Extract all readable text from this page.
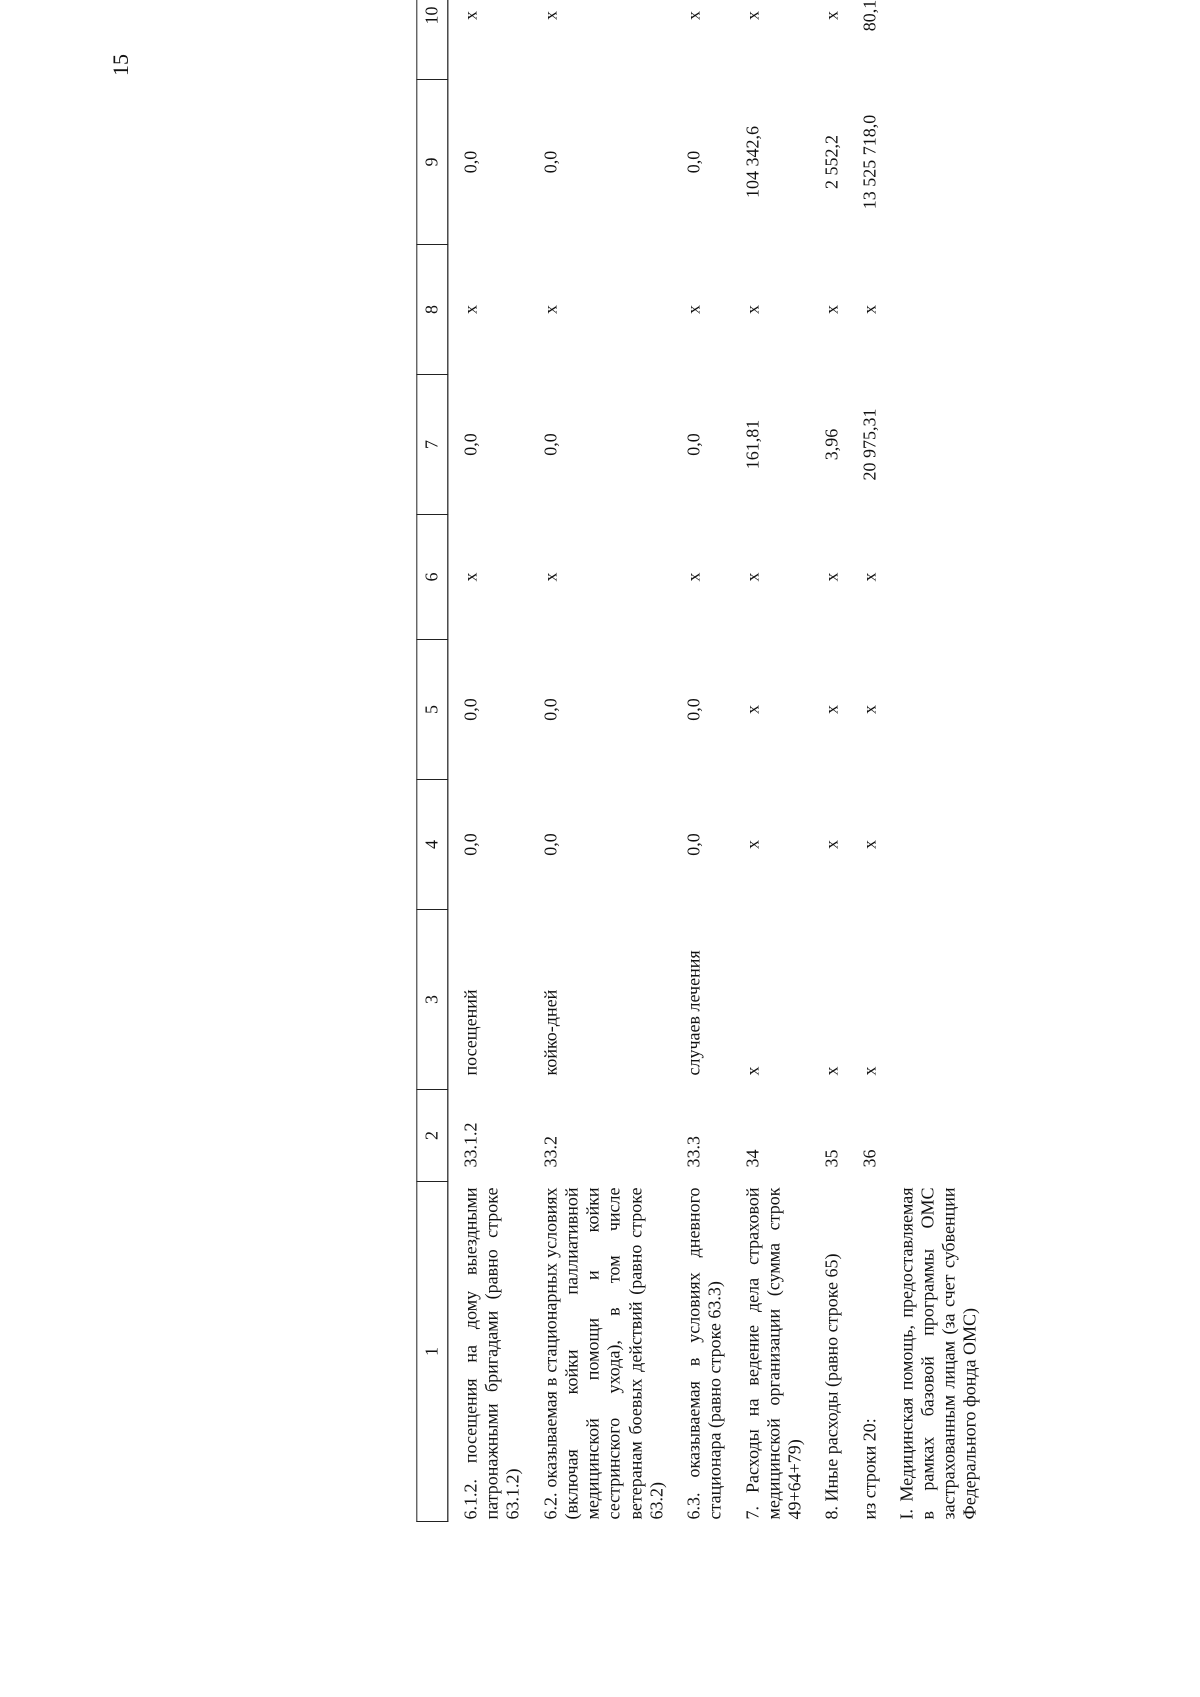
15
1	2	3	4	5	6	7	8	9	10
6.1.2. посещения на дому выездными патронажными бригадами (равно строке 63.1.2)	33.1.2	посещений	0,0	0,0	x	0,0	x	0,0	x
6.2. оказываемая в стационарных условиях (включая койки паллиативной медицинской помощи и койки сестринского ухода), в том числе ветеранам боевых действий (равно строке 63.2)	33.2	койко-дней	0,0	0,0	x	0,0	x	0,0	x
6.3. оказываемая в условиях дневного стационара (равно строке 63.3)	33.3	случаев лечения	0,0	0,0	x	0,0	x	0,0	x
7. Расходы на ведение дела страховой медицинской организации (сумма строк 49+64+79)	34	x	x	x	x	161,81	x	104 342,6	x
8. Иные расходы (равно строке 65)	35	x	x	x	x	3,96	x	2 552,2	x
из строки 20:	36	x	x	x	x	20 975,31	x	13 525 718,0	80,1
I. Медицинская помощь, предоставляемая в рамках базовой программы ОМС застрахованным лицам (за счет субвенции Федерального фонда ОМС)									
